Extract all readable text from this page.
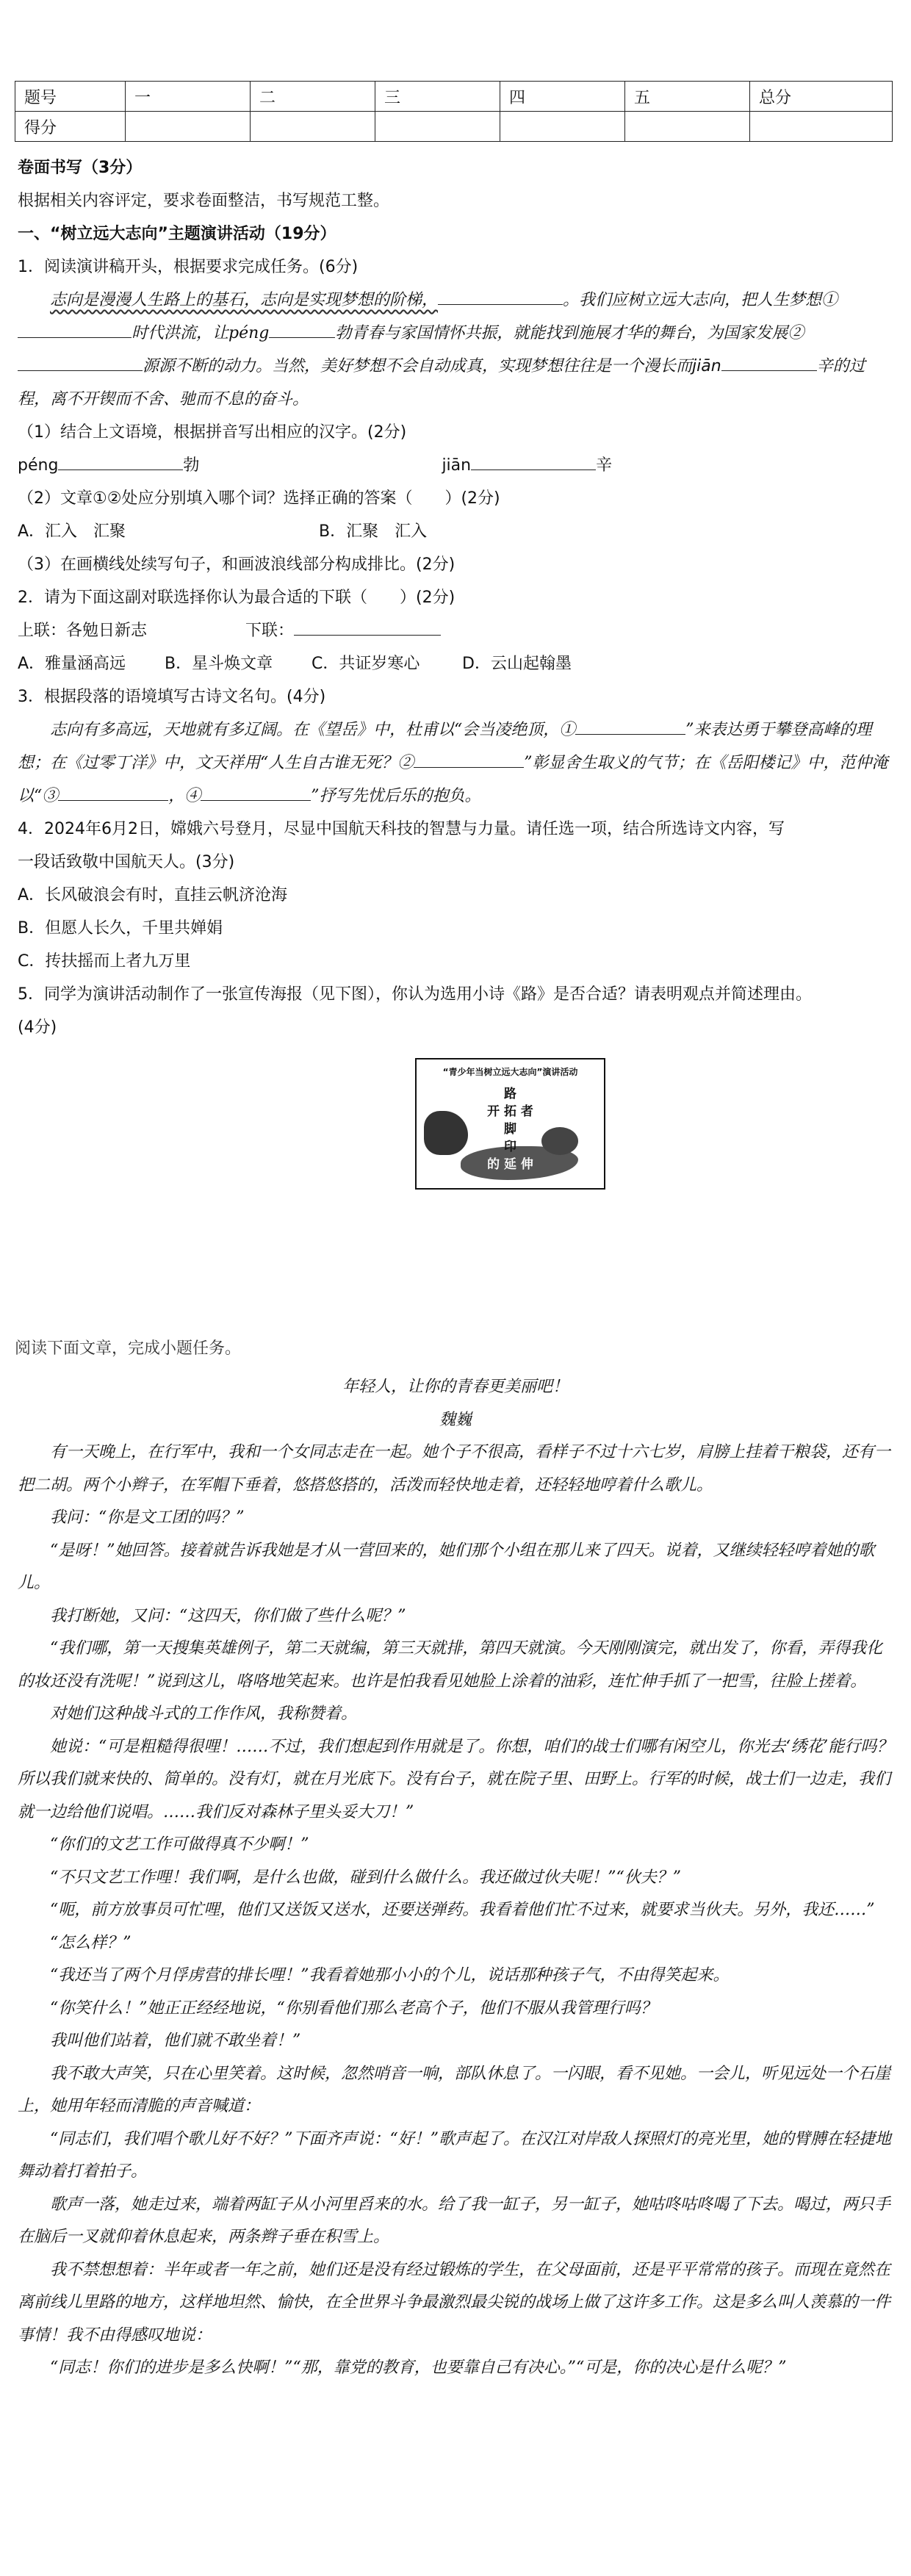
题号	一	二	三	四	五	总分
得分						
卷面书写（3分）
根据相关内容评定，要求卷面整洁，书写规范工整。
一、“树立远大志向”主题演讲活动（19分）
1．阅读演讲稿开头，根据要求完成任务。(6分)
志向是漫漫人生路上的基石，志向是实现梦想的阶梯，	。我们应树立远大志向，把人生梦想①时代洪流，让péng	勃青春与家国情怀共振，就能找到施展才华的舞台，为国家发展②源源不断的动力。当然，美好梦想不会自动成真，实现梦想往往是一个漫长而jiān	辛的过程，离不开锲而不舍、驰而不息的奋斗。
（1）结合上文语境，根据拼音写出相应的汉字。(2分)
péng	勃	jiān	辛
（2）文章①②处应分别填入哪个词？选择正确的答案（　　）(2分)
A．汇入　汇聚	B．汇聚　汇入
（3）在画横线处续写句子，和画波浪线部分构成排比。(2分)
2．请为下面这副对联选择你认为最合适的下联（　　）(2分)
上联：各勉日新志	下联：
A．雅量涵高远 B．星斗焕文章 C．共证岁寒心	D．云山起翰墨
3．根据段落的语境填写古诗文名句。(4分)
志向有多高远，天地就有多辽阔。在《望岳》中，杜甫以“会当凌绝顶，①	”来表达勇于攀登高峰的理想；在《过零丁洋》中，文天祥用“人生自古谁无死？②	”彰显舍生取义的气节；在《岳阳楼记》中，范仲淹以“③	，④	”抒写先忧后乐的抱负。
4．2024年6月2日，嫦娥六号登月，尽显中国航天科技的智慧与力量。请任选一项，结合所选诗文内容，写
一段话致敬中国航天人。(3分)
A．长风破浪会有时，直挂云帆济沧海
B．但愿人长久，千里共婵娟
C．抟扶摇而上者九万里
5．同学为演讲活动制作了一张宣传海报（见下图），你认为选用小诗《路》是否合适？请表明观点并简述理由。
(4分)
“青少年当树立远大志向”演讲活动
路
开 拓 者
脚
印
的 延 伸
阅读下面文章，完成小题任务。

年轻人，让你的青春更美丽吧！

魏巍

有一天晚上，在行军中，我和一个女同志走在一起。她个子不很高，看样子不过十六七岁，肩膀上挂着干粮袋，还有一把二胡。两个小辫子，在军帽下垂着，悠搭悠搭的，活泼而轻快地走着，还轻轻地哼着什么歌儿。

我问：“你是文工团的吗？”

“是呀！”她回答。接着就告诉我她是才从一营回来的，她们那个小组在那儿来了四天。说着，又继续轻轻哼着她的歌儿。

我打断她，又问：“这四天，你们做了些什么呢？”

“我们哪，第一天搜集英雄例子，第二天就编，第三天就排，第四天就演。今天刚刚演完，就出发了，你看，弄得我化的妆还没有洗呢！”说到这儿，咯咯地笑起来。也许是怕我看见她脸上涂着的油彩，连忙伸手抓了一把雪，往脸上搓着。

对她们这种战斗式的工作作风，我称赞着。

她说：“可是粗糙得很哩！……不过，我们想起到作用就是了。你想，咱们的战士们哪有闲空儿，你光去‘绣花’能行吗？所以我们就来快的、简单的。没有灯，就在月光底下。没有台子，就在院子里、田野上。行军的时候，战士们一边走，我们就一边给他们说唱。……我们反对森林子里头妥大刀！”

“你们的文艺工作可做得真不少啊！”

“不只文艺工作哩！我们啊，是什么也做，碰到什么做什么。我还做过伙夫呢！”“伙夫？”

“呃，前方放事员可忙哩，他们又送饭又送水，还要送弹药。我看着他们忙不过来，就要求当伙夫。另外，我还……”

“怎么样？”

“我还当了两个月俘虏营的排长哩！”我看着她那小小的个儿，说话那种孩子气，不由得笑起来。

“你笑什么！”她正正经经地说，“你别看他们那么老高个子，他们不服从我管理行吗？

我叫他们站着，他们就不敢坐着！”

我不敢大声笑，只在心里笑着。这时候，忽然哨音一响，部队休息了。一闪眼，看不见她。一会儿，听见远处一个石崖上，她用年轻而清脆的声音喊道：

“同志们，我们唱个歌儿好不好？”下面齐声说：“好！”歌声起了。在汉江对岸敌人探照灯的亮光里，她的臂膊在轻捷地舞动着打着拍子。

歌声一落，她走过来，端着两缸子从小河里舀来的水。给了我一缸子，另一缸子，她咕咚咕咚喝了下去。喝过，两只手在脑后一叉就仰着休息起来，两条辫子垂在积雪上。

我不禁想想着：半年或者一年之前，她们还是没有经过锻炼的学生，在父母面前，还是平平常常的孩子。而现在竟然在离前线儿里路的地方，这样地坦然、愉快，在全世界斗争最激烈最尖锐的战场上做了这许多工作。这是多么叫人羡慕的一件事情！我不由得感叹地说：

“同志！你们的进步是多么快啊！”“那，靠党的教育，也要靠自己有决心。”“可是，你的决心是什么呢？”
